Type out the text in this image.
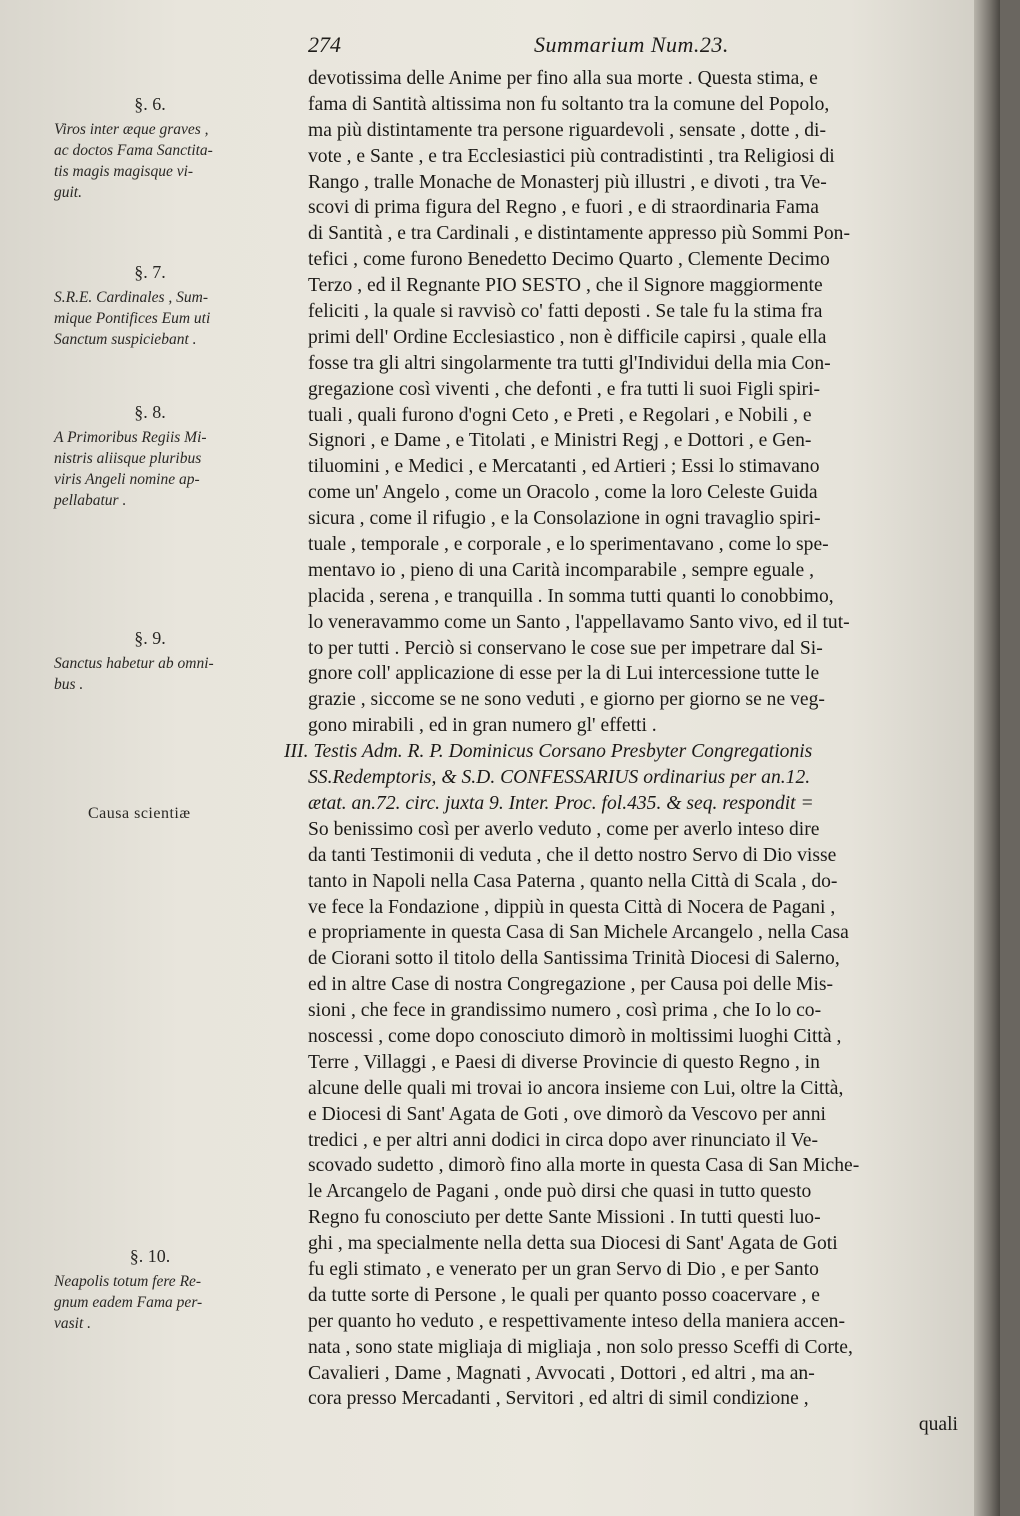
274	Summarium Num.23.
§. 6.
Viros inter æque graves ,
ac doctos Fama Sanctita-
tis magis magisque vi-
guit.
§. 7.
S.R.E. Cardinales , Sum-
mique Pontifices Eum uti
Sanctum suspiciebant .
§. 8.
A Primoribus Regiis Mi-
nistris aliisque pluribus
viris Angeli nomine ap-
pellabatur .
§. 9.
Sanctus habetur ab omni-
bus .
Causa scientiæ
§. 10.
Neapolis totum fere Re-
gnum eadem Fama per-
vasit .
devotissima delle Anime per fino alla sua morte . Questa stima, e
fama di Santità altissima non fu soltanto tra la comune del Popolo,
ma più distintamente tra persone riguardevoli , sensate , dotte , di-
vote , e Sante , e tra Ecclesiastici più contradistinti , tra Religiosi di
Rango , tralle Monache de Monasterj più illustri , e divoti , tra Ve-
scovi di prima figura del Regno , e fuori , e di straordinaria Fama
di Santità , e tra Cardinali , e distintamente appresso più Sommi Pon-
tefici , come furono Benedetto Decimo Quarto , Clemente Decimo
Terzo , ed il Regnante PIO SESTO , che il Signore maggiormente
feliciti , la quale si ravvisò co' fatti deposti . Se tale fu la stima fra
primi dell' Ordine Ecclesiastico , non è difficile capirsi , quale ella
fosse tra gli altri singolarmente tra tutti gl'Individui della mia Con-
gregazione così viventi , che defonti , e fra tutti li suoi Figli spiri-
tuali , quali furono d'ogni Ceto , e Preti , e Regolari , e Nobili , e
Signori , e Dame , e Titolati , e Ministri Regj , e Dottori , e Gen-
tiluomini , e Medici , e Mercatanti , ed Artieri ; Essi lo stimavano
come un' Angelo , come un Oracolo , come la loro Celeste Guida
sicura , come il rifugio , e la Consolazione in ogni travaglio spiri-
tuale , temporale , e corporale , e lo sperimentavano , come lo spe-
mentavo io , pieno di una Carità incomparabile , sempre eguale ,
placida , serena , e tranquilla . In somma tutti quanti lo conobbimo,
lo veneravammo come un Santo , l'appellavamo Santo vivo, ed il tut-
to per tutti . Perciò si conservano le cose sue per impetrare dal Si-
gnore coll' applicazione di esse per la di Lui intercessione tutte le
grazie , siccome se ne sono veduti , e giorno per giorno se ne veg-
gono mirabili , ed in gran numero gl' effetti .
III. Testis Adm. R. P. Dominicus Corsano Presbyter Congregationis
SS.Redemptoris, & S.D. CONFESSARIUS ordinarius per an.12.
ætat. an.72. circ. juxta 9. Inter. Proc. fol.435. & seq. respondit =
So benissimo così per averlo veduto , come per averlo inteso dire
da tanti Testimonii di veduta , che il detto nostro Servo di Dio visse
tanto in Napoli nella Casa Paterna , quanto nella Città di Scala , do-
ve fece la Fondazione , dippiù in questa Città di Nocera de Pagani ,
e propriamente in questa Casa di San Michele Arcangelo , nella Casa
de Ciorani sotto il titolo della Santissima Trinità Diocesi di Salerno,
ed in altre Case di nostra Congregazione , per Causa poi delle Mis-
sioni , che fece in grandissimo numero , così prima , che Io lo co-
noscessi , come dopo conosciuto dimorò in moltissimi luoghi Città ,
Terre , Villaggi , e Paesi di diverse Provincie di questo Regno , in
alcune delle quali mi trovai io ancora insieme con Lui, oltre la Città,
e Diocesi di Sant' Agata de Goti , ove dimorò da Vescovo per anni
tredici , e per altri anni dodici in circa dopo aver rinunciato il Ve-
scovado sudetto , dimorò fino alla morte in questa Casa di San Miche-
le Arcangelo de Pagani , onde può dirsi che quasi in tutto questo
Regno fu conosciuto per dette Sante Missioni . In tutti questi luo-
ghi , ma specialmente nella detta sua Diocesi di Sant' Agata de Goti
fu egli stimato , e venerato per un gran Servo di Dio , e per Santo
da tutte sorte di Persone , le quali per quanto posso coacervare , e
per quanto ho veduto , e respettivamente inteso della maniera accen-
nata , sono state migliaja di migliaja , non solo presso Sceffi di Corte,
Cavalieri , Dame , Magnati , Avvocati , Dottori , ed altri , ma an-
cora presso Mercadanti , Servitori , ed altri di simil condizione ,
quali
